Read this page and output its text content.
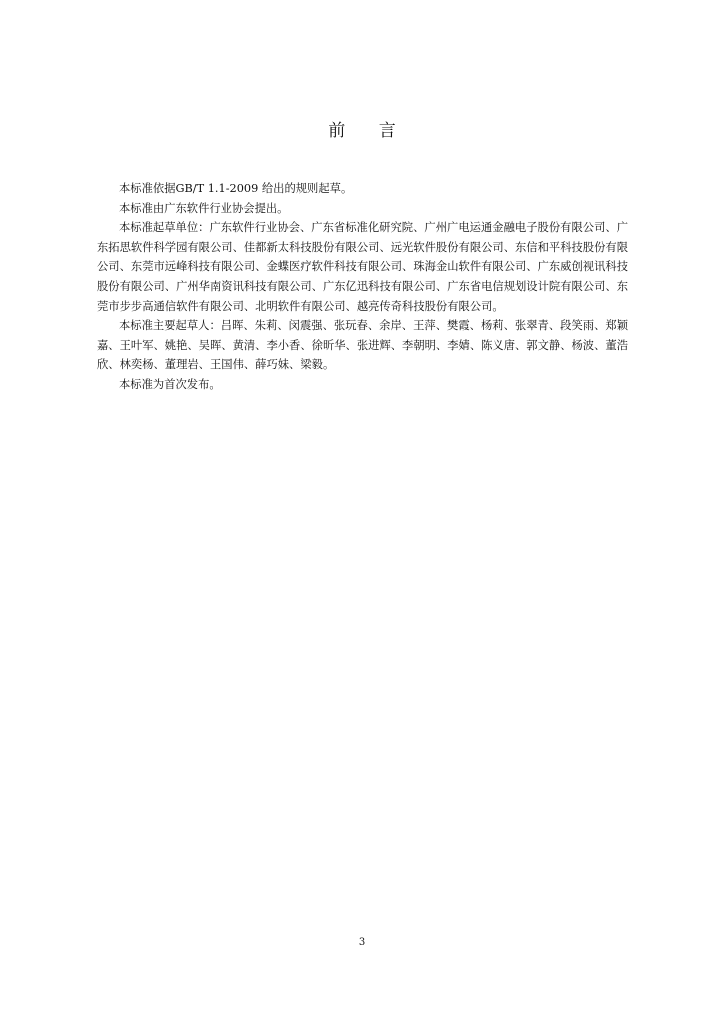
前 言

本标准依据GB/T 1.1-2009 给出的规则起草。

本标准由广东软件行业协会提出。

本标准起草单位：广东软件行业协会、广东省标准化研究院、广州广电运通金融电子股份有限公司、广东拓思软件科学园有限公司、佳都新太科技股份有限公司、远光软件股份有限公司、东信和平科技股份有限公司、东莞市远峰科技有限公司、金蝶医疗软件科技有限公司、珠海金山软件有限公司、广东威创视讯科技股份有限公司、广州华南资讯科技有限公司、广东亿迅科技有限公司、广东省电信规划设计院有限公司、东莞市步步高通信软件有限公司、北明软件有限公司、越亮传奇科技股份有限公司。

本标准主要起草人：吕晖、朱莉、闵震强、张玩春、余岸、王萍、樊霞、杨莉、张翠青、段笑雨、郑颖嘉、王叶军、姚艳、吴晖、黄清、李小香、徐昕华、张进辉、李朝明、李婧、陈义唐、郭文静、杨波、董浩欣、林奕杨、董理岩、王国伟、薛巧妹、梁毅。

本标准为首次发布。

3
